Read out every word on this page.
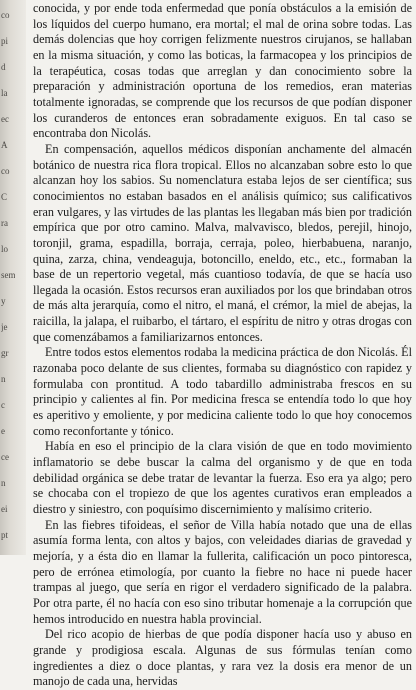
co
pi
d
la
ec
A
co
C
ra
lo
sem
y
je
gr
n
c
e
ce
n
ei
pt

conocida, y por ende toda enfermedad que ponía obstáculos a la emisión de los líquidos del cuerpo humano, era mortal; el mal de orina sobre todas. Las demás dolencias que hoy corrigen felizmente nuestros cirujanos, se hallaban en la misma situación, y como las boticas, la farmacopea y los principios de la terapéutica, cosas todas que arreglan y dan conocimiento sobre la preparación y administración oportuna de los remedios, eran materias totalmente ignoradas, se comprende que los recursos de que podían disponer los curanderos de entonces eran sobradamente exiguos. En tal caso se encontraba don Nicolás.

En compensación, aquellos médicos disponían anchamente del almacén botánico de nuestra rica flora tropical. Ellos no alcanzaban sobre esto lo que alcanzan hoy los sabios. Su nomenclatura estaba lejos de ser científica; sus conocimientos no estaban basados en el análisis químico; sus calificativos eran vulgares, y las virtudes de las plantas les llegaban más bien por tradición empírica que por otro camino. Malva, malvavisco, bledos, perejil, hinojo, toronjil, grama, espadilla, borraja, cerraja, poleo, hierbabuena, naranjo, quina, zarza, china, vendeaguja, botoncillo, eneldo, etc., etc., formaban la base de un repertorio vegetal, más cuantioso todavía, de que se hacía uso llegada la ocasión. Estos recursos eran auxiliados por los que brindaban otros de más alta jerarquía, como el nitro, el maná, el crémor, la miel de abejas, la raicilla, la jalapa, el ruibarbo, el tártaro, el espíritu de nitro y otras drogas con que comenzábamos a familiarizarnos entonces.

Entre todos estos elementos rodaba la medicina práctica de don Nicolás. Él razonaba poco delante de sus clientes, formaba su diagnóstico con rapidez y formulaba con prontitud. A todo tabardillo administraba frescos en su principio y calientes al fin. Por medicina fresca se entendía todo lo que hoy es aperitivo y emoliente, y por medicina caliente todo lo que hoy conocemos como reconfortante y tónico.

Había en eso el principio de la clara visión de que en todo movimiento inflamatorio se debe buscar la calma del organismo y de que en toda debilidad orgánica se debe tratar de levantar la fuerza. Eso era ya algo; pero se chocaba con el tropiezo de que los agentes curativos eran empleados a diestro y siniestro, con poquísimo discernimiento y malísimo criterio.

En las fiebres tifoideas, el señor de Villa había notado que una de ellas asumía forma lenta, con altos y bajos, con veleidades diarias de gravedad y mejoría, y a ésta dio en llamar la fullerita, calificación un poco pintoresca, pero de errónea etimología, por cuanto la fiebre no hace ni puede hacer trampas al juego, que sería en rigor el verdadero significado de la palabra. Por otra parte, él no hacía con eso sino tributar homenaje a la corrupción que hemos introducido en nuestra habla provincial.

Del rico acopio de hierbas de que podía disponer hacía uso y abuso en grande y prodigiosa escala. Algunas de sus fórmulas tenían como ingredientes a diez o doce plantas, y rara vez la dosis era menor de un manojo de cada una, hervidas
